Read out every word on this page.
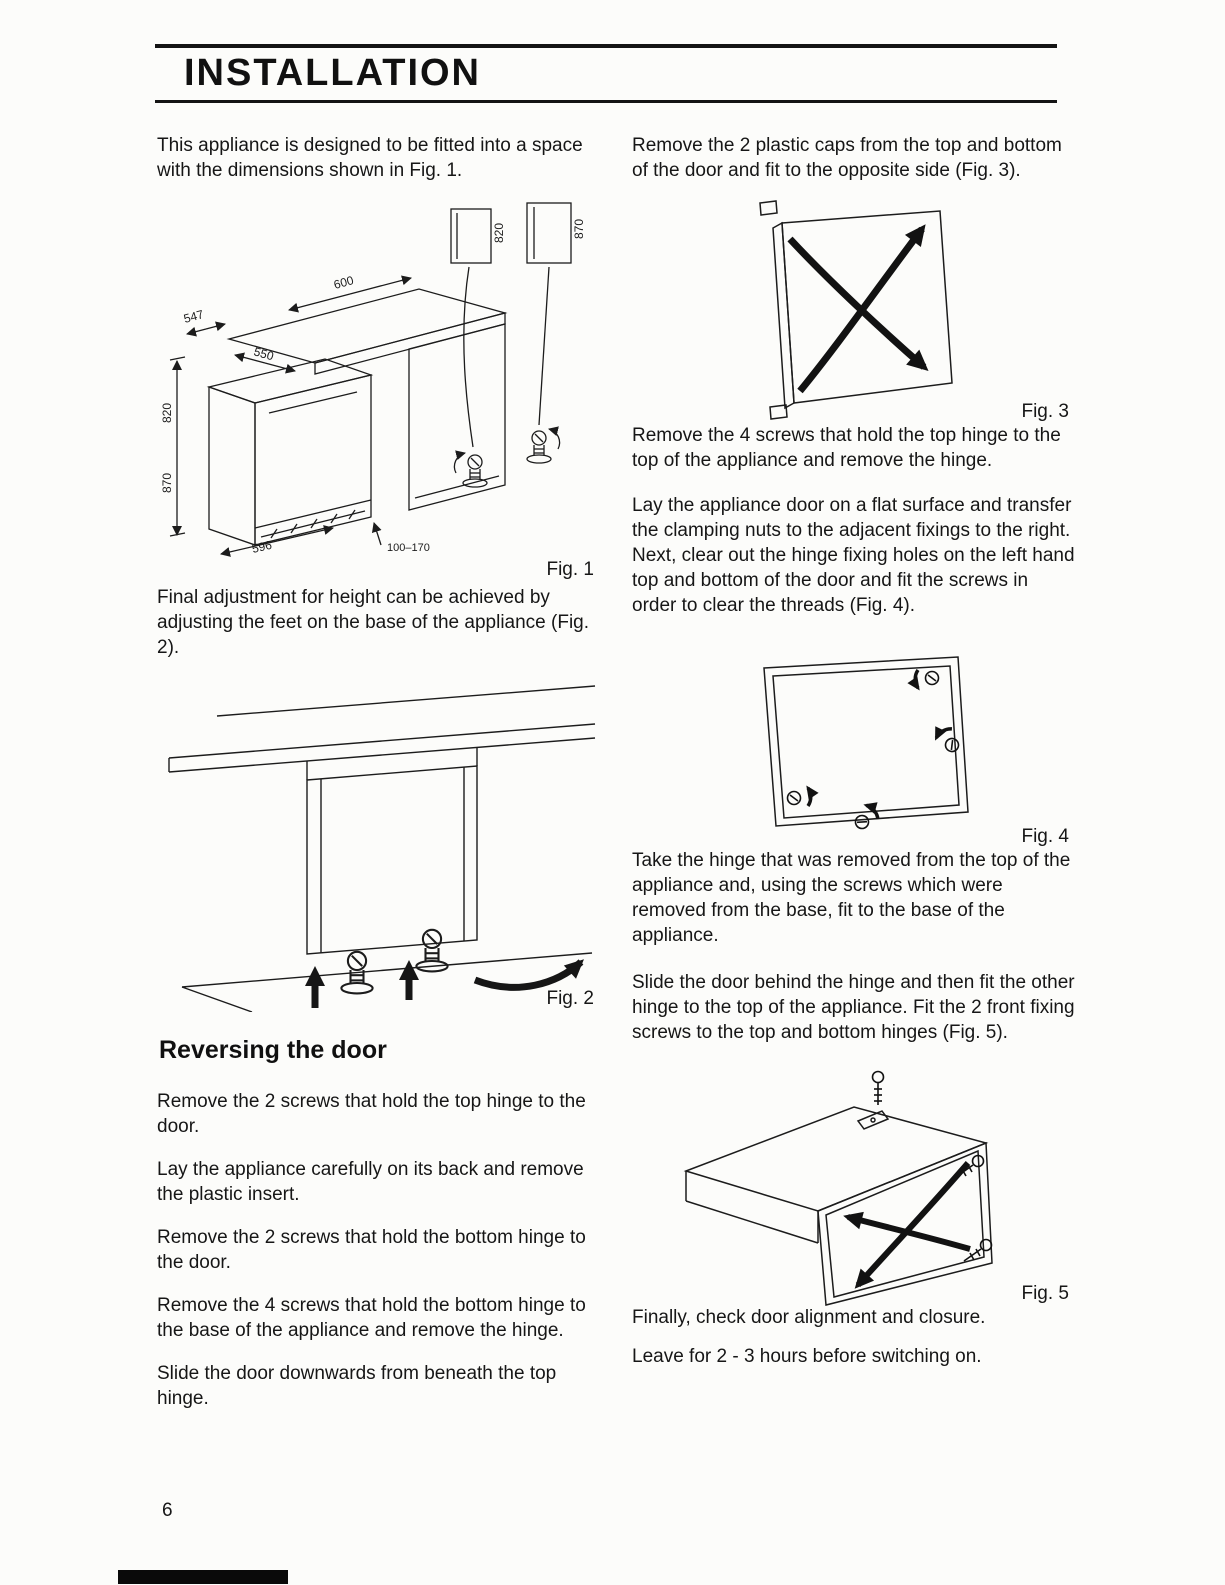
INSTALLATION

This appliance is designed to be fitted into a space with the dimensions shown in Fig. 1.

600
547
550
820
870
596	100–170
820	870
Fig. 1

Final adjustment for height can be achieved by adjusting the feet on the base of the appliance (Fig. 2).

Fig. 2
Reversing the door

Remove the 2 screws that hold the top hinge to the door.

Lay the appliance carefully on its back and remove the plastic insert.

Remove the 2 screws that hold the bottom hinge to the door.

Remove the 4 screws that hold the bottom hinge to the base of the appliance and remove the hinge.

Slide the door downwards from beneath the top hinge.

Remove the 2 plastic caps from the top and bottom of the door and fit to the opposite side (Fig. 3).

Fig. 3

Remove the 4 screws that hold the top hinge to the top of the appliance and remove the hinge.

Lay the appliance door on a flat surface and transfer the clamping nuts to the adjacent fixings to the right. Next, clear out the hinge fixing holes on the left hand top and bottom of the door and fit the screws in order to clear the threads (Fig. 4).

Fig. 4

Take the hinge that was removed from the top of the appliance and, using the screws which were removed from the base, fit to the base of the appliance.

Slide the door behind the hinge and then fit the other hinge to the top of the appliance. Fit the 2 front fixing screws to the top and bottom hinges (Fig. 5).

Fig. 5

Finally, check door alignment and closure.

Leave for 2 - 3 hours before switching on.

6
